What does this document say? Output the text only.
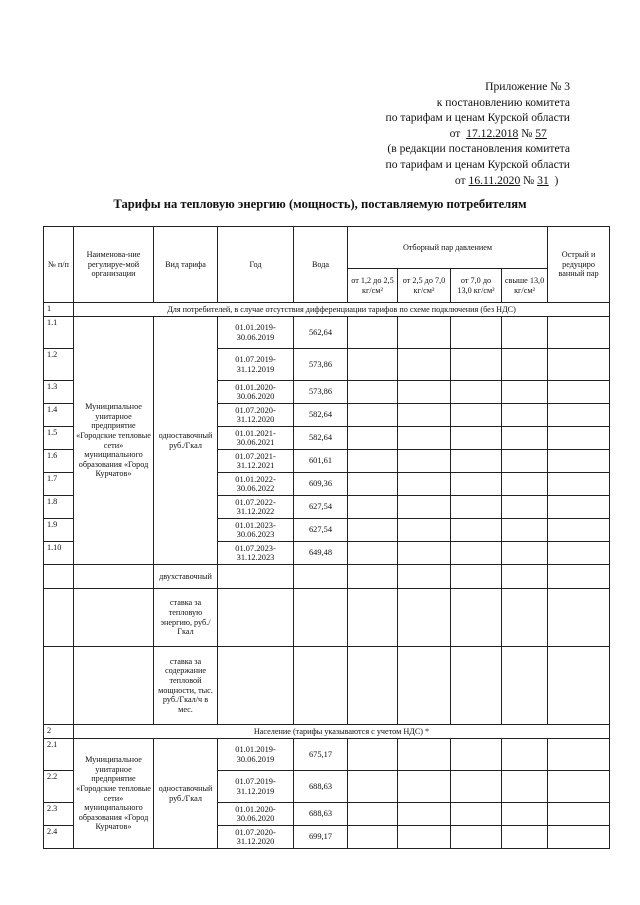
Приложение № 3
к постановлению комитета
по тарифам и ценам Курской области
от 17.12.2018 № 57
(в редакции постановления комитета
по тарифам и ценам Курской области
от 16.11.2020 № 31 )
Тарифы на тепловую энергию (мощность), поставляемую потребителям
№ п/п	Наименова-ние регулируе-мой организации	Вид тарифа	Год	Вода	Отборный пар давлением				Острый и редуциро ванный пар
					от 1,2 до 2,5 кг/см²	от 2,5 до 7,0 кг/см²	от 7,0 до 13,0 кг/см²	свыше 13,0 кг/см²	
1	Для потребителей, в случае отсутствия дифференциации тарифов по схеме подключения (без НДС)								
1.1	Муниципальное унитарное предприятие «Городские тепловые сети» муниципального образования «Город Курчатов»	одноставочный руб./Гкал	01.01.2019-30.06.2019	562,64					
1.2			01.07.2019-31.12.2019	573,86					
1.3			01.01.2020-30.06.2020	573,86					
1.4			01.07.2020-31.12.2020	582,64					
1.5			01.01.2021-30.06.2021	582,64					
1.6			01.07.2021-31.12.2021	601,61					
1.7			01.01.2022-30.06.2022	609,36					
1.8			01.07.2022-31.12.2022	627,54					
1.9			01.01.2023-30.06.2023	627,54					
1.10			01.07.2023-31.12.2023	649,48					
		двухставочный							
		ставка за тепловую энергию, руб./Гкал							
		ставка за содержание тепловой мощности, тыс. руб./Гкал/ч в мес.							
2	Население (тарифы указываются с учетом НДС) *								
2.1	Муниципальное унитарное предприятие «Городские тепловые сети» муниципального образования «Город Курчатов»	одноставочный руб./Гкал	01.01.2019-30.06.2019	675,17					
2.2			01.07.2019-31.12.2019	688,63					
2.3			01.01.2020-30.06.2020	688,63					
2.4			01.07.2020-31.12.2020	699,17					
